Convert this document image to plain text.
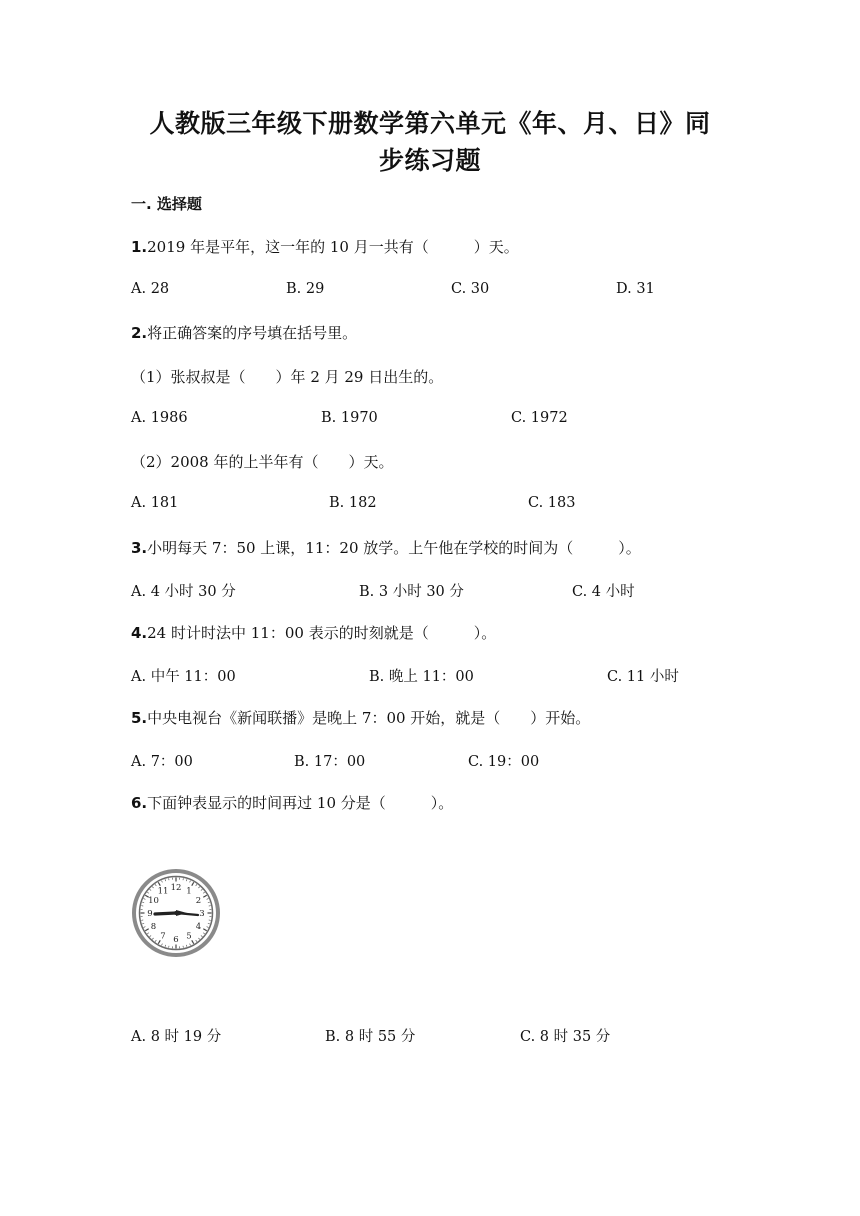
人教版三年级下册数学第六单元《年、月、日》同
步练习题
一. 选择题
1.2019 年是平年，这一年的 10 月一共有（　　　）天。
A. 28	B. 29	C. 30	D. 31
2.将正确答案的序号填在括号里。
（1）张叔叔是（　　）年 2 月 29 日出生的。
A. 1986	B. 1970	C. 1972
（2）2008 年的上半年有（　　）天。
A. 181	B. 182	C. 183
3.小明每天 7：50 上课，11：20 放学。上午他在学校的时间为（　　　）。
A. 4 小时 30 分	B. 3 小时 30 分	C. 4 小时
4.24 时计时法中 11：00 表示的时刻就是（　　　）。
A. 中午 11：00	B. 晚上 11：00	C. 11 小时
5.中央电视台《新闻联播》是晚上 7：00 开始，就是（　　）开始。
A. 7：00	B. 17：00	C. 19：00
6.下面钟表显示的时间再过 10 分是（　　　）。
12 1
2
3
4
5
6
7
8
9
10
11
A. 8 时 19 分	B. 8 时 55 分	C. 8 时 35 分
